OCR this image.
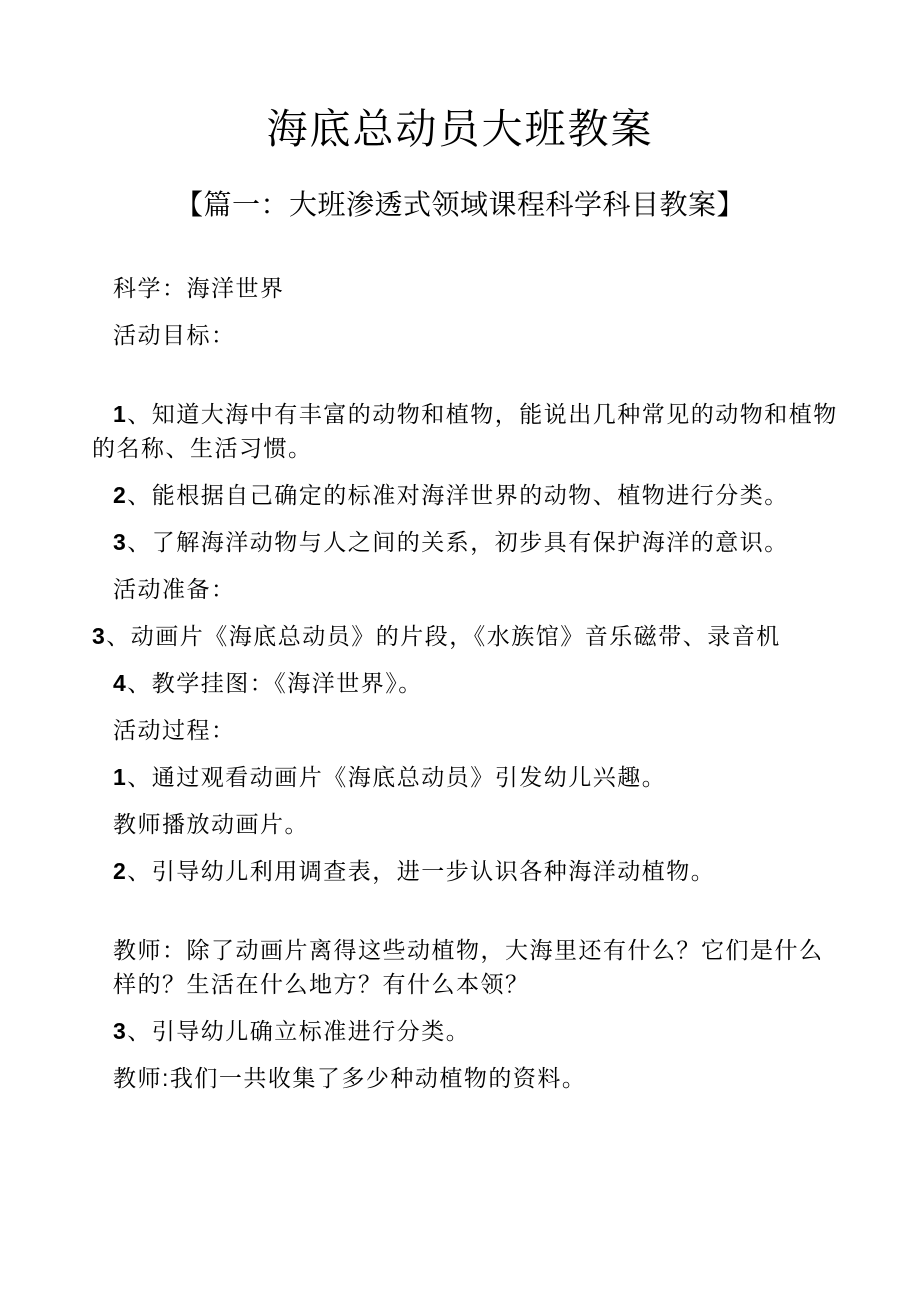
海底总动员大班教案
【篇一：大班渗透式领域课程科学科目教案】
科学：海洋世界
活动目标：
1、知道大海中有丰富的动物和植物，能说出几种常见的动物和植物
的名称、生活习惯。
2、能根据自己确定的标准对海洋世界的动物、植物进行分类。
3、了解海洋动物与人之间的关系，初步具有保护海洋的意识。
活动准备：
3、动画片《海底总动员》的片段，《水族馆》音乐磁带、录音机
4、教学挂图：《海洋世界》。
活动过程：
1、通过观看动画片《海底总动员》引发幼儿兴趣。
教师播放动画片。
2、引导幼儿利用调查表，进一步认识各种海洋动植物。
教师：除了动画片离得这些动植物，大海里还有什么？它们是什么
样的？生活在什么地方？有什么本领？
3、引导幼儿确立标准进行分类。
教师:我们一共收集了多少种动植物的资料。
